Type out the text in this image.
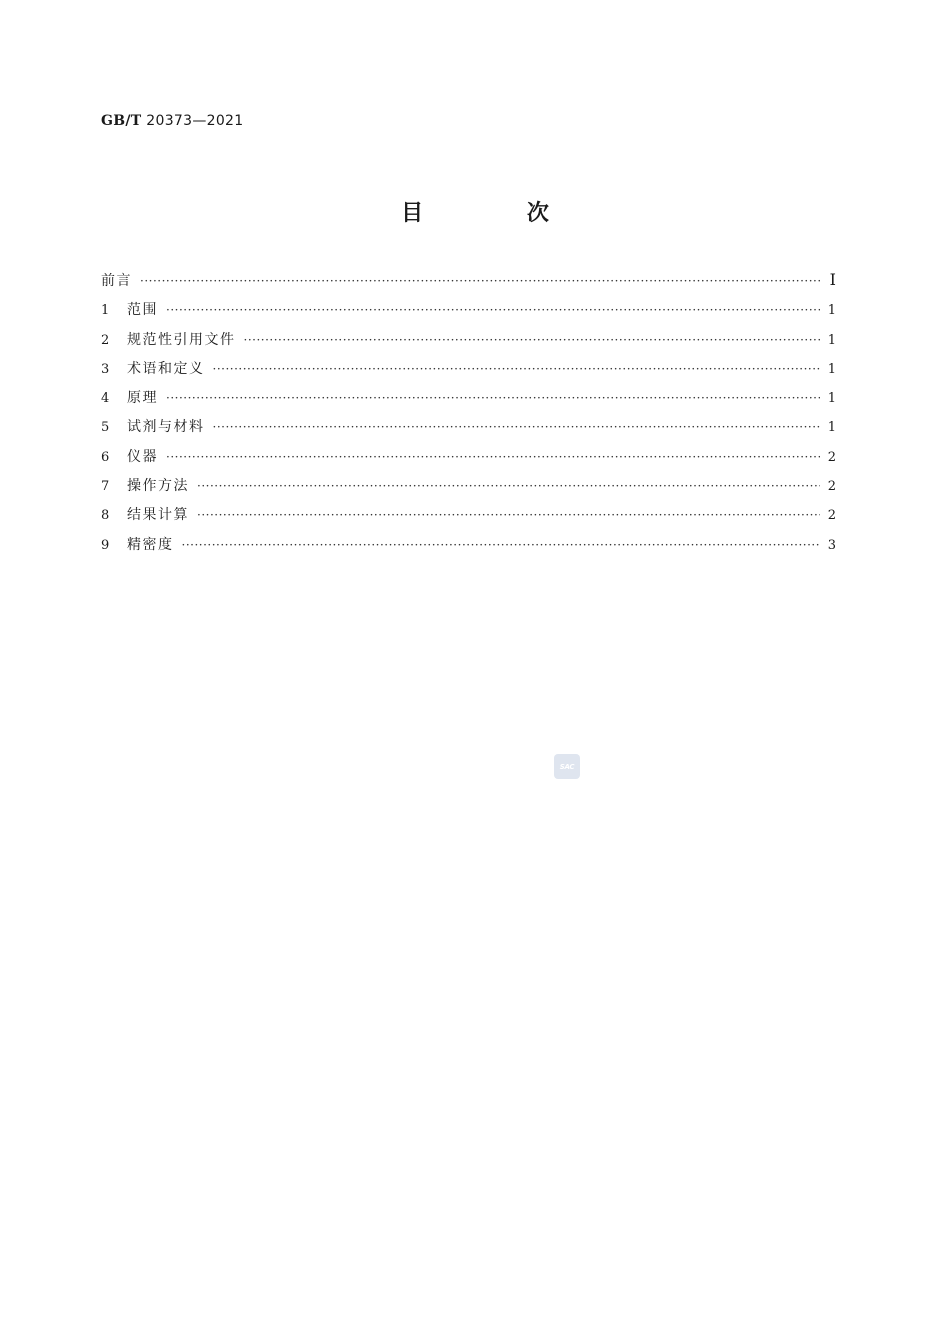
GB/T 20373—2021
目 次
前言 ·····	Ⅰ
1	范围 ·····	1
2	规范性引用文件 ·····	1
3	术语和定义 ·····	1
4	原理 ·····	1
5	试剂与材料 ·····	1
6	仪器 ·····	2
7	操作方法 ·····	2
8	结果计算 ·····	2
9	精密度 ·····	3
SAC
